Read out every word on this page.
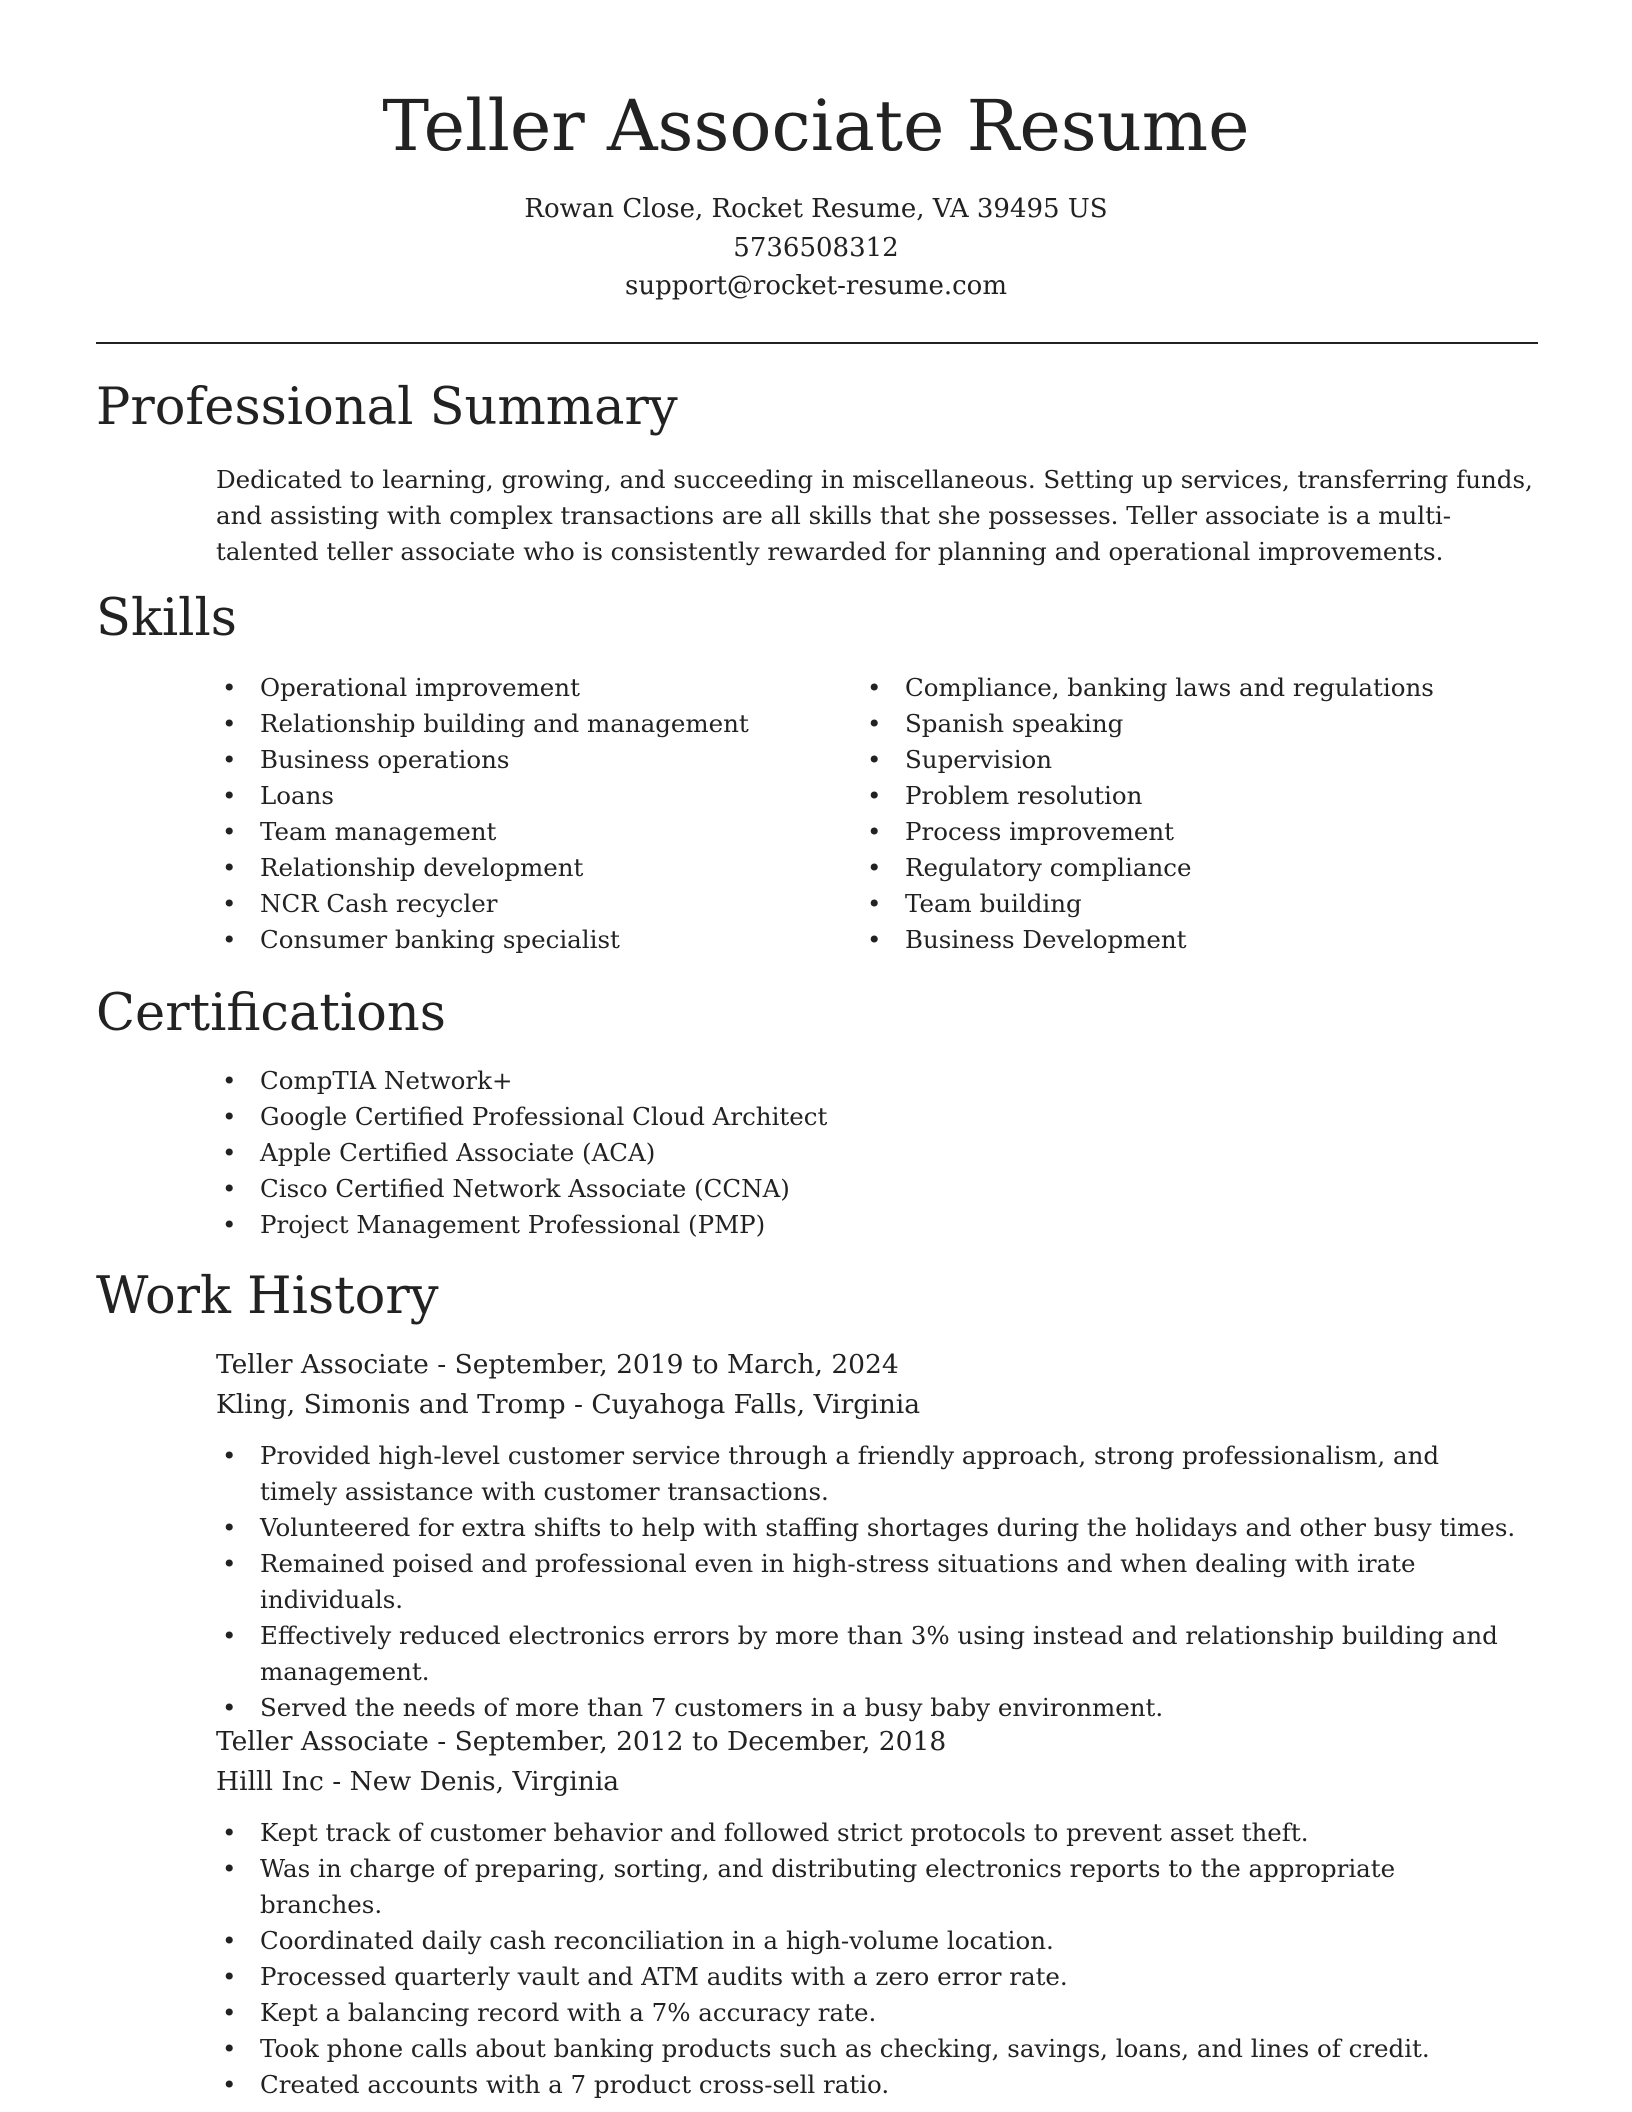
Teller Associate Resume
Rowan Close, Rocket Resume, VA 39495 US
5736508312
support@rocket-resume.com
Professional Summary

Dedicated to learning, growing, and succeeding in miscellaneous. Setting up services, transferring funds, and assisting with complex transactions are all skills that she possesses. Teller associate is a multi-talented teller associate who is consistently rewarded for planning and operational improvements.

Skills
• Operational improvement
• Relationship building and management
• Business operations
• Loans
• Team management
• Relationship development
• NCR Cash recycler
• Consumer banking specialist
• Compliance, banking laws and regulations
• Spanish speaking
• Supervision
• Problem resolution
• Process improvement
• Regulatory compliance
• Team building
• Business Development
Certifications
• CompTIA Network+
• Google Certified Professional Cloud Architect
• Apple Certified Associate (ACA)
• Cisco Certified Network Associate (CCNA)
• Project Management Professional (PMP)
Work History
Teller Associate - September, 2019 to March, 2024
Kling, Simonis and Tromp - Cuyahoga Falls, Virginia
• Provided high-level customer service through a friendly approach, strong professionalism, and timely assistance with customer transactions.
• Volunteered for extra shifts to help with staffing shortages during the holidays and other busy times.
• Remained poised and professional even in high-stress situations and when dealing with irate individuals.
• Effectively reduced electronics errors by more than 3% using instead and relationship building and management.
• Served the needs of more than 7 customers in a busy baby environment.
Teller Associate - September, 2012 to December, 2018
Hilll Inc - New Denis, Virginia
• Kept track of customer behavior and followed strict protocols to prevent asset theft.
• Was in charge of preparing, sorting, and distributing electronics reports to the appropriate branches.
• Coordinated daily cash reconciliation in a high-volume location.
• Processed quarterly vault and ATM audits with a zero error rate.
• Kept a balancing record with a 7% accuracy rate.
• Took phone calls about banking products such as checking, savings, loans, and lines of credit.
• Created accounts with a 7 product cross-sell ratio.
